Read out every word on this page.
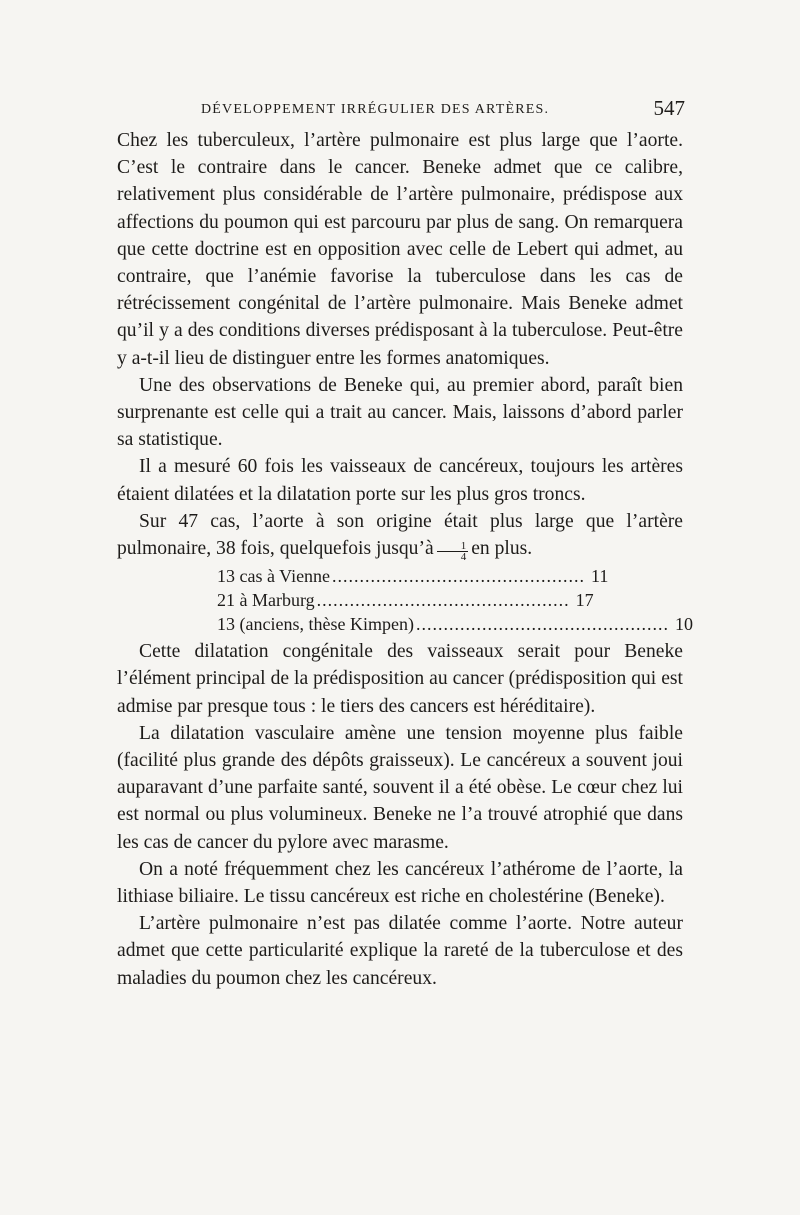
DÉVELOPPEMENT IRRÉGULIER DES ARTÈRES.	547

Chez les tuberculeux, l’artère pulmonaire est plus large que l’aorte. C’est le contraire dans le cancer. Beneke admet que ce calibre, relativement plus considérable de l’artère pulmonaire, prédispose aux affections du poumon qui est parcouru par plus de sang. On remarquera que cette doctrine est en opposition avec celle de Lebert qui admet, au contraire, que l’anémie favorise la tuberculose dans les cas de rétrécissement congénital de l’artère pulmonaire. Mais Beneke admet qu’il y a des conditions diverses prédisposant à la tuberculose. Peut-être y a-t-il lieu de distinguer entre les formes anatomiques.

Une des observations de Beneke qui, au premier abord, paraît bien surprenante est celle qui a trait au cancer. Mais, laissons d’abord parler sa statistique.

Il a mesuré 60 fois les vaisseaux de cancéreux, toujours les artères étaient dilatées et la dilatation porte sur les plus gros troncs.

Sur 47 cas, l’aorte à son origine était plus large que l’artère pulmonaire, 38 fois, quelquefois jusqu’à $\frac{1}{4}$ en plus.

13 cas à Vienne .............................................. 11
21 à Marburg .............................................. 17
13 (anciens, thèse Kimpen) .............................................. 10

Cette dilatation congénitale des vaisseaux serait pour Beneke l’élément principal de la prédisposition au cancer (prédisposition qui est admise par presque tous : le tiers des cancers est héréditaire).

La dilatation vasculaire amène une tension moyenne plus faible (facilité plus grande des dépôts graisseux). Le cancéreux a souvent joui auparavant d’une parfaite santé, souvent il a été obèse. Le cœur chez lui est normal ou plus volumineux. Beneke ne l’a trouvé atrophié que dans les cas de cancer du pylore avec marasme.

On a noté fréquemment chez les cancéreux l’athérome de l’aorte, la lithiase biliaire. Le tissu cancéreux est riche en cholestérine (Beneke).

L’artère pulmonaire n’est pas dilatée comme l’aorte. Notre auteur admet que cette particularité explique la rareté de la tuberculose et des maladies du poumon chez les cancéreux.
